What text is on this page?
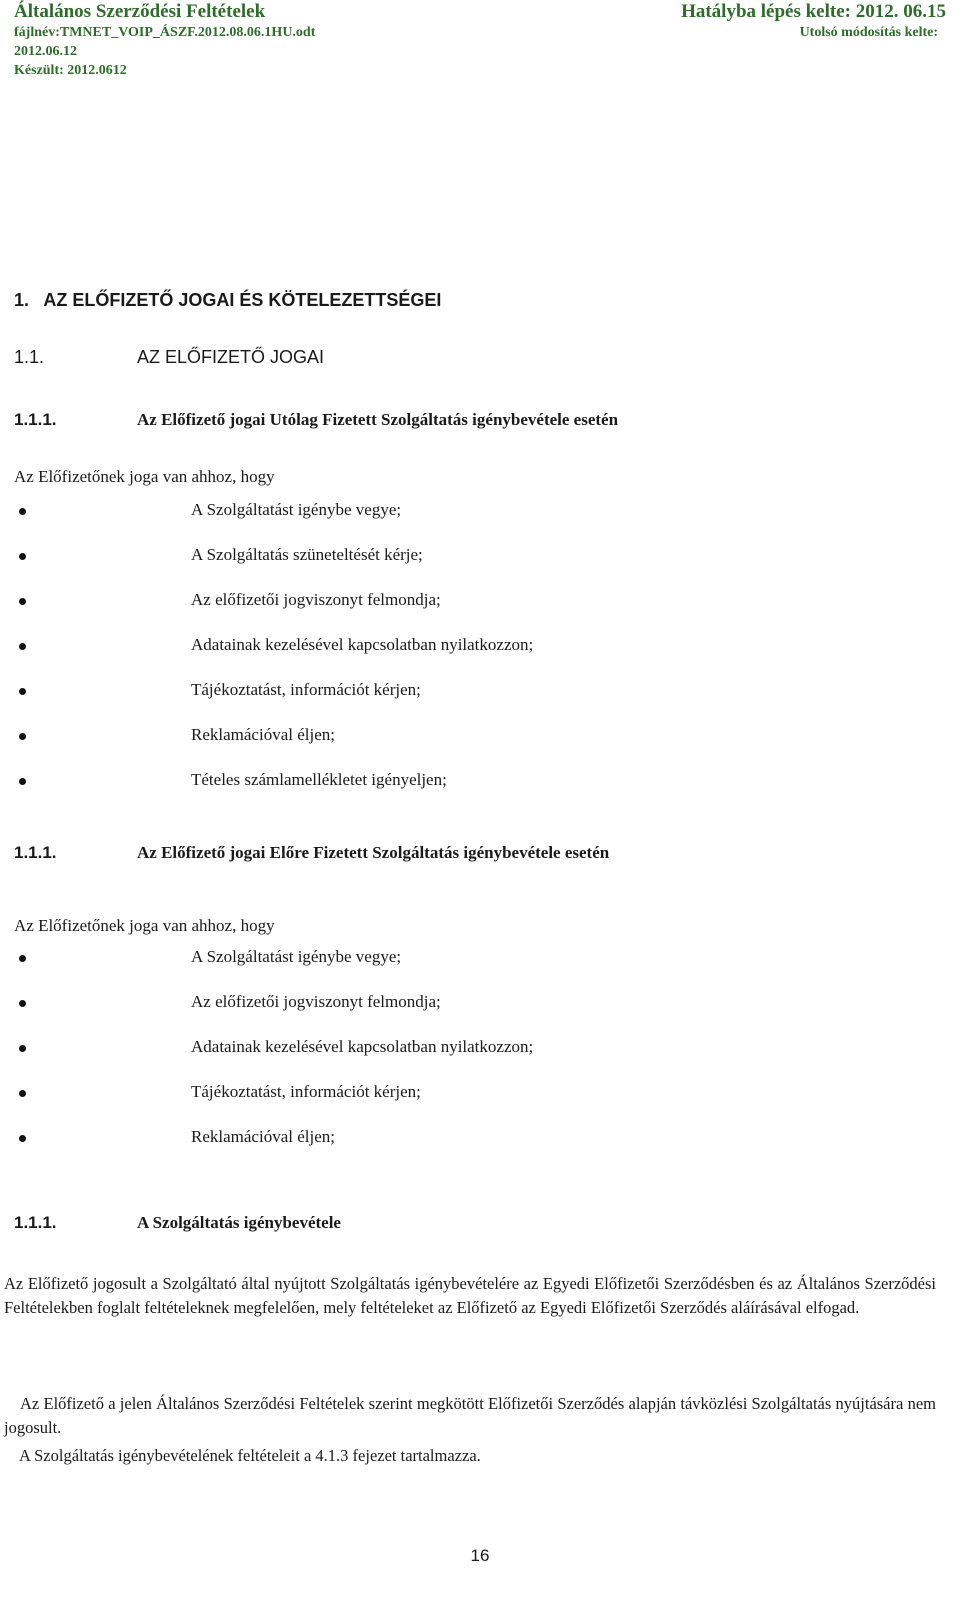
Általános Szerződési Feltételek	Hatályba lépés kelte: 2012. 06.15
fájlnév:TMNET_VOIP_ÁSZF.2012.08.06.1HU.odt	Utolsó módosítás kelte:
2012.06.12
Készült: 2012.0612
1.   AZ ELŐFIZETŐ JOGAI ÉS KÖTELEZETTSÉGEI
1.1.	AZ ELŐFIZETŐ JOGAI
1.1.1.	Az Előfizető jogai Utólag Fizetett Szolgáltatás igénybevétele esetén
Az Előfizetőnek joga van ahhoz, hogy
A Szolgáltatást igénybe vegye;
A Szolgáltatás szüneteltését kérje;
Az előfizetői jogviszonyt felmondja;
Adatainak kezelésével kapcsolatban nyilatkozzon;
Tájékoztatást, információt kérjen;
Reklamációval éljen;
Tételes számlamellékletet igényeljen;
1.1.1.	Az Előfizető jogai Előre Fizetett Szolgáltatás igénybevétele esetén
Az Előfizetőnek joga van ahhoz, hogy
A Szolgáltatást igénybe vegye;
Az előfizetői jogviszonyt felmondja;
Adatainak kezelésével kapcsolatban nyilatkozzon;
Tájékoztatást, információt kérjen;
Reklamációval éljen;
1.1.1.	A Szolgáltatás igénybevétele
Az Előfizető jogosult a Szolgáltató által nyújtott Szolgáltatás igénybevételére az Egyedi Előfizetői Szerződésben és az Általános Szerződési Feltételekben foglalt feltételeknek megfelelően, mely feltételeket az Előfizető az Egyedi Előfizetői Szerződés aláírásával elfogad.
Az Előfizető a jelen Általános Szerződési Feltételek szerint megkötött Előfizetői Szerződés alapján távközlési Szolgáltatás nyújtására nem jogosult.
A Szolgáltatás igénybevételének feltételeit a 4.1.3 fejezet tartalmazza.
16
